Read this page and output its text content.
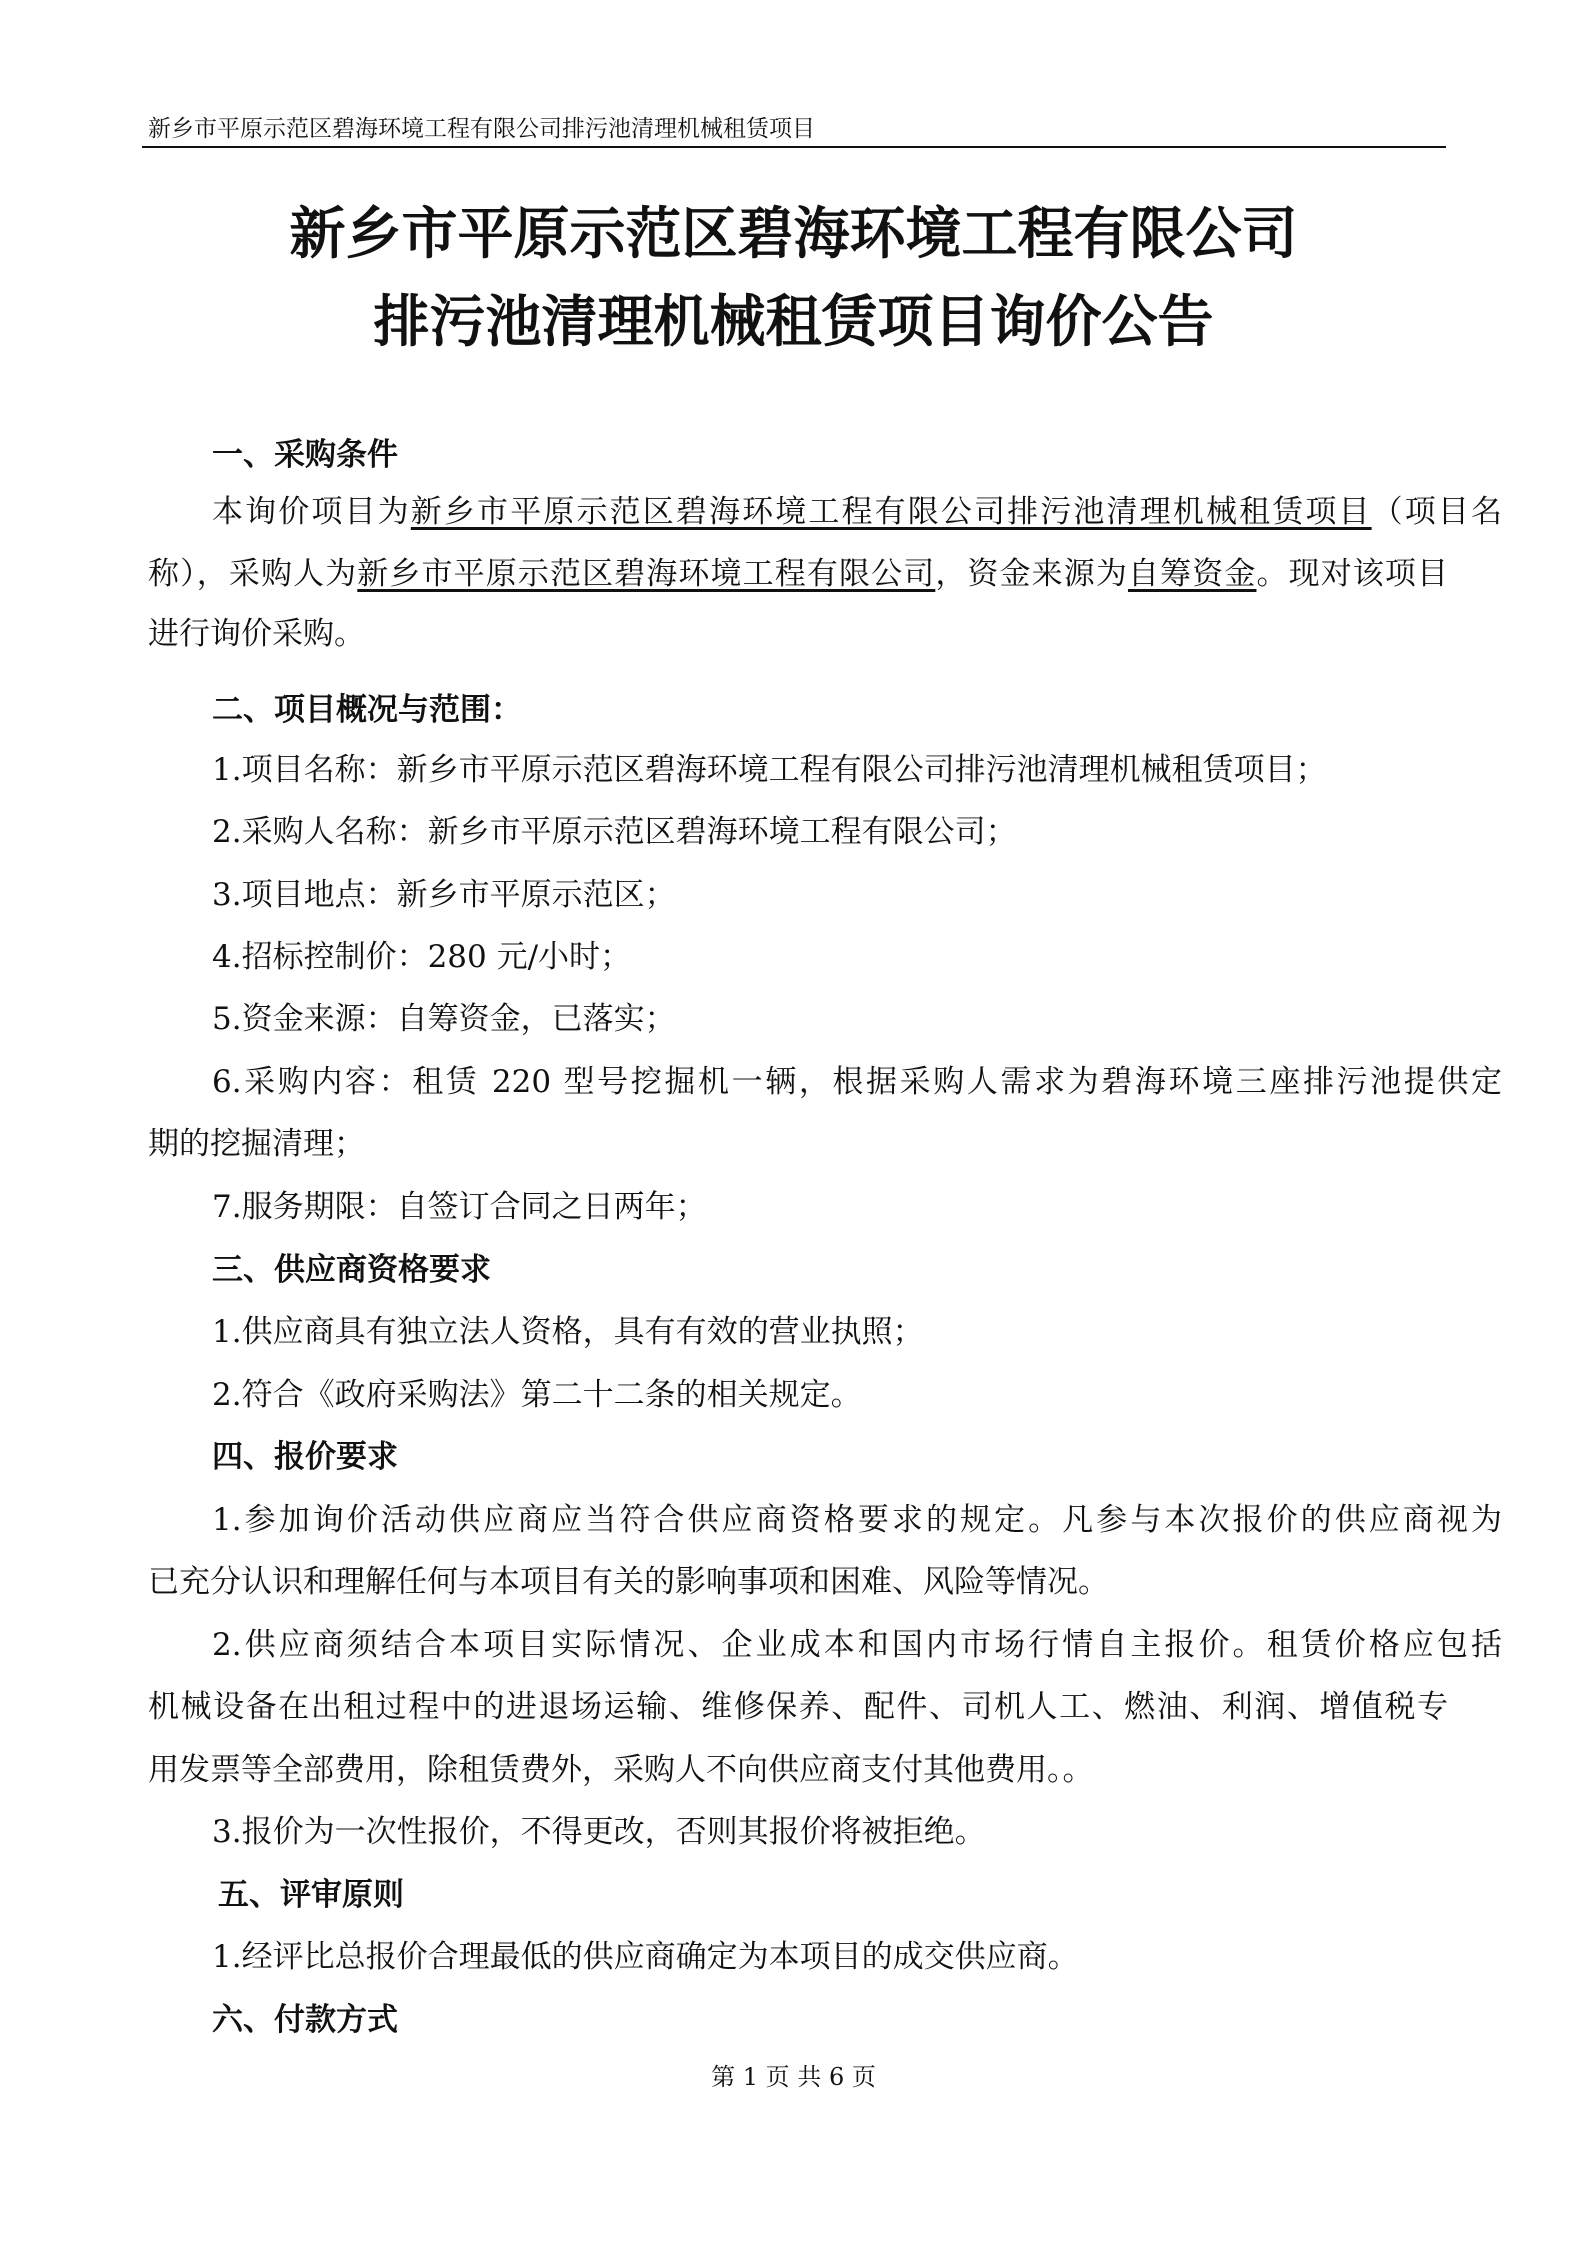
新乡市平原示范区碧海环境工程有限公司排污池清理机械租赁项目
新乡市平原示范区碧海环境工程有限公司
排污池清理机械租赁项目询价公告
一、采购条件
本询价项目为新乡市平原示范区碧海环境工程有限公司排污池清理机械租赁项目（项目名
称），采购人为新乡市平原示范区碧海环境工程有限公司，资金来源为自筹资金。现对该项目
进行询价采购。
二、项目概况与范围：
1.项目名称：新乡市平原示范区碧海环境工程有限公司排污池清理机械租赁项目；
2.采购人名称：新乡市平原示范区碧海环境工程有限公司；
3.项目地点：新乡市平原示范区；
4.招标控制价：280 元/小时；
5.资金来源：自筹资金，已落实；
6.采购内容：租赁 220 型号挖掘机一辆，根据采购人需求为碧海环境三座排污池提供定
期的挖掘清理；
7.服务期限：自签订合同之日两年；
三、供应商资格要求
1.供应商具有独立法人资格，具有有效的营业执照；
2.符合《政府采购法》第二十二条的相关规定。
四、报价要求
1.参加询价活动供应商应当符合供应商资格要求的规定。凡参与本次报价的供应商视为
已充分认识和理解任何与本项目有关的影响事项和困难、风险等情况。
2.供应商须结合本项目实际情况、企业成本和国内市场行情自主报价。租赁价格应包括
机械设备在出租过程中的进退场运输、维修保养、配件、司机人工、燃油、利润、增值税专
用发票等全部费用，除租赁费外，采购人不向供应商支付其他费用。。
3.报价为一次性报价，不得更改，否则其报价将被拒绝。
五、评审原则
1.经评比总报价合理最低的供应商确定为本项目的成交供应商。
六、付款方式
第 1 页 共 6 页
